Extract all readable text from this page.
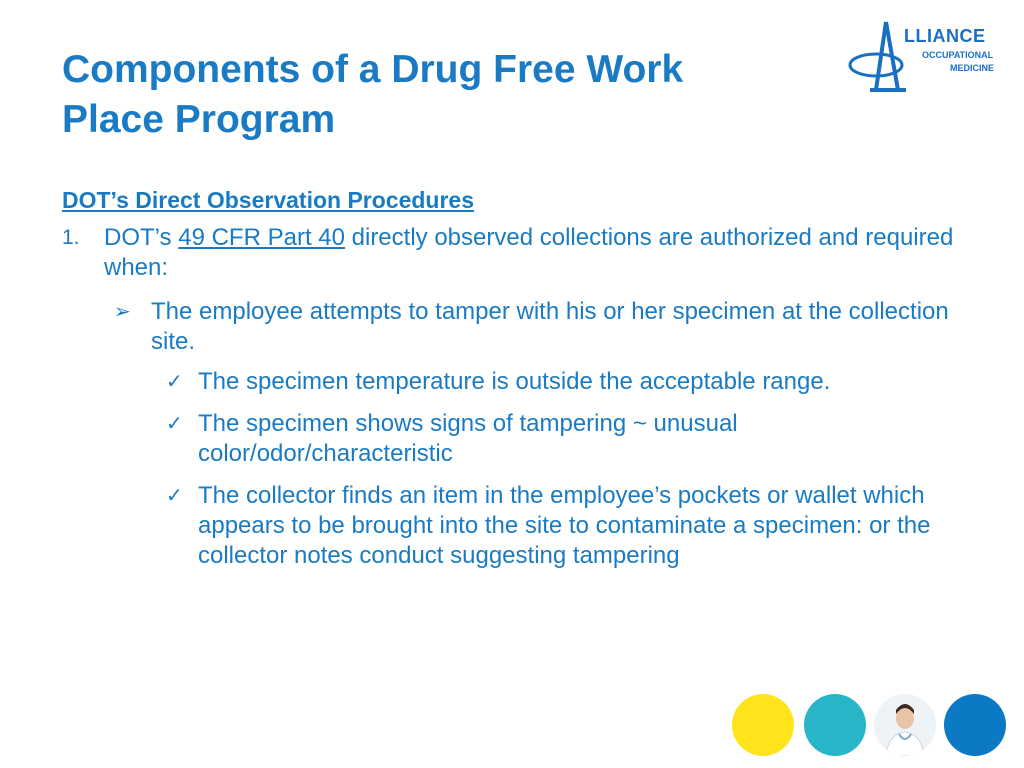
Components of a Drug Free Work
Place Program
LLIANCE
OCCUPATIONAL
MEDICINE

DOT’s Direct Observation Procedures

1. DOT’s 49 CFR Part 40 directly observed collections are authorized and required when:

➢ The employee attempts to tamper with his or her specimen at the collection site.

✓ The specimen temperature is outside the acceptable range.

✓ The specimen shows signs of tampering ~ unusual color/odor/characteristic

✓ The collector finds an item in the employee’s pockets or wallet which appears to be brought into the site to contaminate a specimen: or the collector notes conduct suggesting tampering
